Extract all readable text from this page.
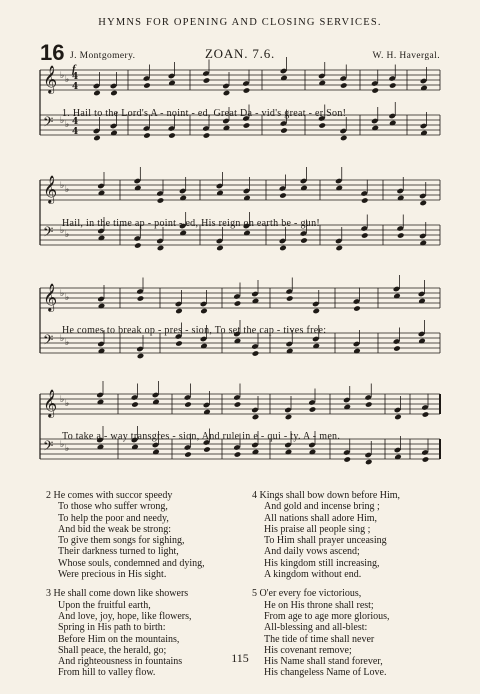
HYMNS FOR OPENING AND CLOSING SERVICES.
16 J. Montgomery.	ZOAN. 7.6.	W. H. Havergal.
f
𝄞 ♭ ♭ 4
4
𝄢 ♭ ♭ 4
4
𝄞 ♭ ♭
𝄢 ♭ ♭
𝄞 ♭ ♭
𝄢 ♭ ♭
𝄞 ♭ ♭
𝄢 ♭ ♭
1. Hail to the Lord's A - noint - ed, Great Da - vid's great - er Son!
Hail, in the time ap - point - ed, His reign on earth be - gun!
He comes to break op - pres - sion, To set the cap - tives free:
To take a - way transgres - sion, And rule in e - qui - ty. A - men.
2 He comes with succor speedy
To those who suffer wrong,
To help the poor and needy,
And bid the weak be strong:
To give them songs for sighing,
Their darkness turned to light,
Whose souls, condemned and dying,
Were precious in His sight.
3 He shall come down like showers
Upon the fruitful earth,
And love, joy, hope, like flowers,
Spring in His path to birth:
Before Him on the mountains,
Shall peace, the herald, go;
And righteousness in fountains
From hill to valley flow.
4 Kings shall bow down before Him,
And gold and incense bring ;
All nations shall adore Him,
His praise all people sing ;
To Him shall prayer unceasing
And daily vows ascend;
His kingdom still increasing,
A kingdom without end.
5 O'er every foe victorious,
He on His throne shall rest;
From age to age more glorious,
All-blessing and all-blest:
The tide of time shall never
His covenant remove;
His Name shall stand forever,
His changeless Name of Love.
115
